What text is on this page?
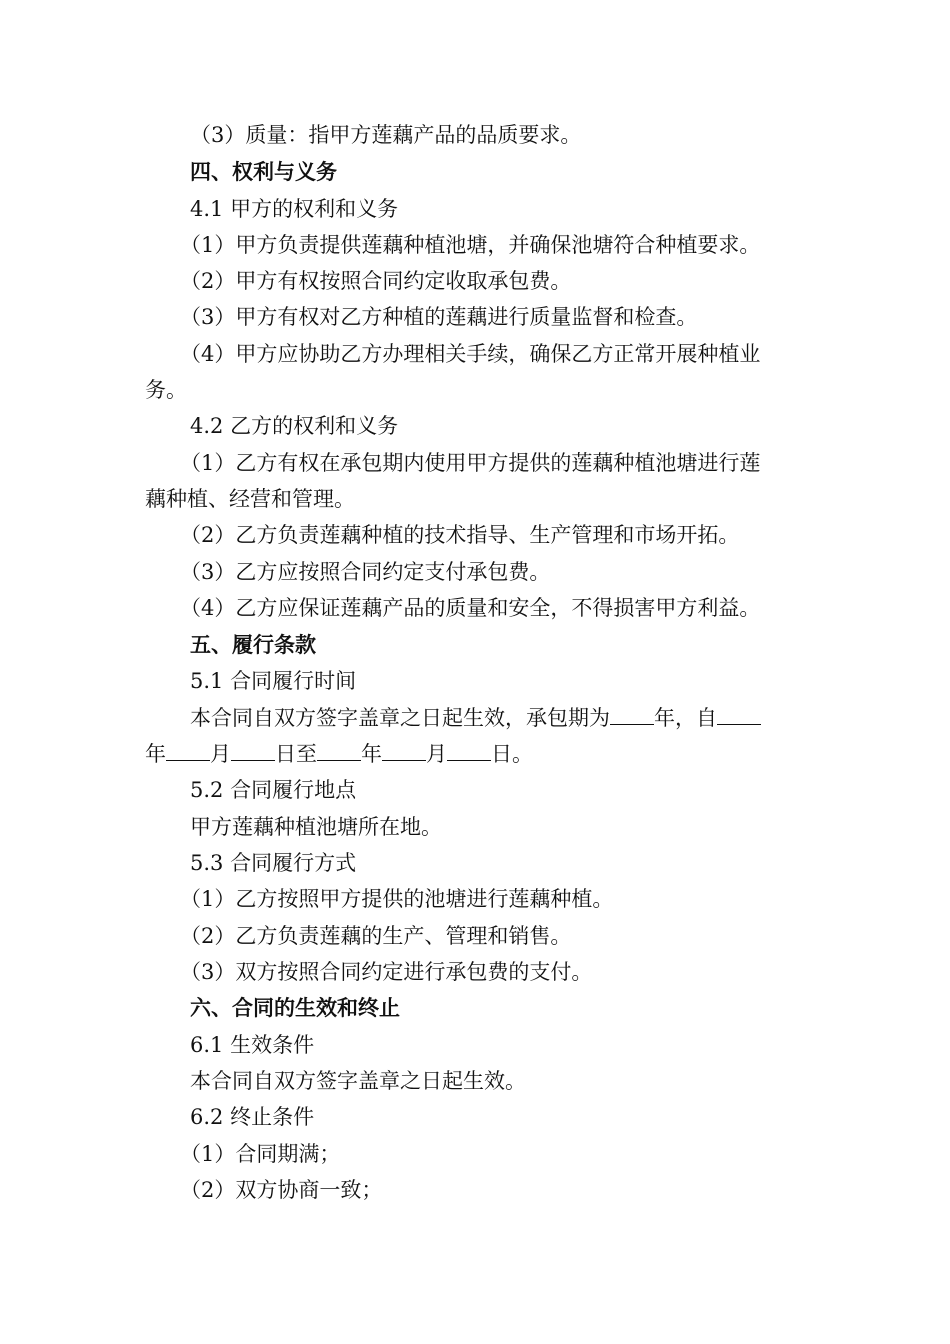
（3）质量：指甲方莲藕产品的品质要求。
四、权利与义务
4.1 甲方的权利和义务
（1）甲方负责提供莲藕种植池塘，并确保池塘符合种植要求。
（2）甲方有权按照合同约定收取承包费。
（3）甲方有权对乙方种植的莲藕进行质量监督和检查。
（4）甲方应协助乙方办理相关手续，确保乙方正常开展种植业
务。
4.2 乙方的权利和义务
（1）乙方有权在承包期内使用甲方提供的莲藕种植池塘进行莲
藕种植、经营和管理。
（2）乙方负责莲藕种植的技术指导、生产管理和市场开拓。
（3）乙方应按照合同约定支付承包费。
（4）乙方应保证莲藕产品的质量和安全，不得损害甲方利益。
五、履行条款
5.1 合同履行时间
本合同自双方签字盖章之日起生效，承包期为 年，自
年 月 日至 年 月 日。
5.2 合同履行地点
甲方莲藕种植池塘所在地。
5.3 合同履行方式
（1）乙方按照甲方提供的池塘进行莲藕种植。
（2）乙方负责莲藕的生产、管理和销售。
（3）双方按照合同约定进行承包费的支付。
六、合同的生效和终止
6.1 生效条件
本合同自双方签字盖章之日起生效。
6.2 终止条件
（1）合同期满；
（2）双方协商一致；
